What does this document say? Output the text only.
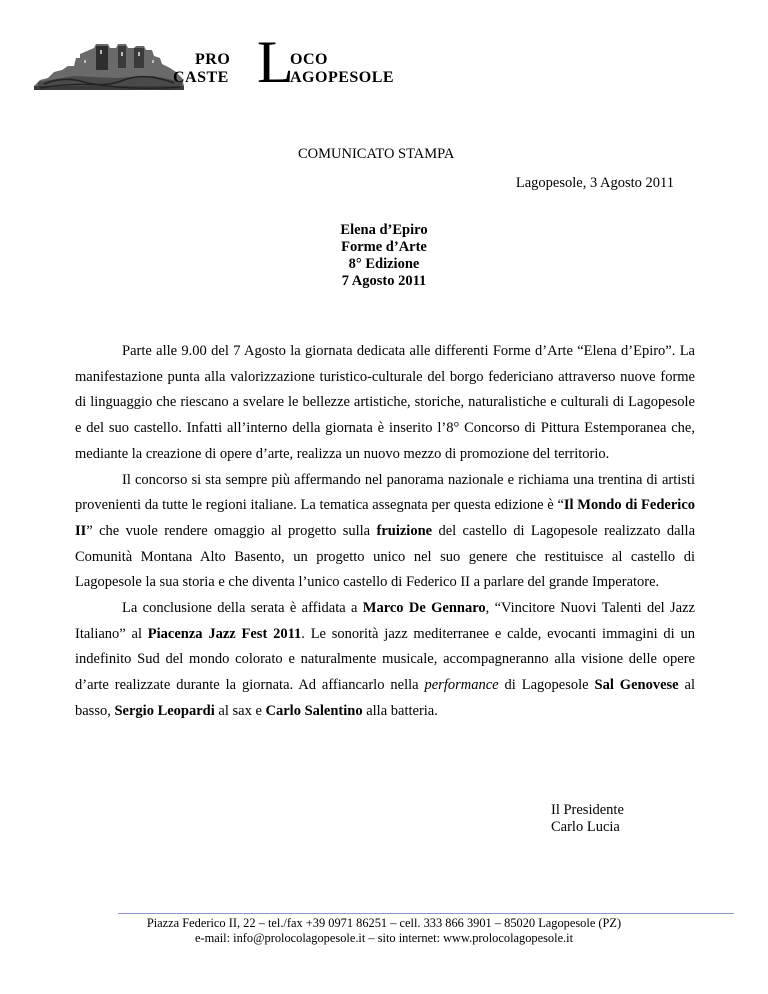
PRO
CASTE L
OCO
AGOPESOLE
COMUNICATO STAMPA
Lagopesole, 3 Agosto 2011
Elena d’Epiro
Forme d’Arte
8° Edizione
7 Agosto 2011

Parte alle 9.00 del 7 Agosto la giornata dedicata alle differenti Forme d’Arte “Elena d’Epiro”. La manifestazione punta alla valorizzazione turistico-culturale del borgo federiciano attraverso nuove forme di linguaggio che riescano a svelare le bellezze artistiche, storiche, naturalistiche e culturali di Lagopesole e del suo castello. Infatti all’interno della giornata è inserito l’8° Concorso di Pittura Estemporanea che, mediante la creazione di opere d’arte, realizza un nuovo mezzo di promozione del territorio.

Il concorso si sta sempre più affermando nel panorama nazionale e richiama una trentina di artisti provenienti da tutte le regioni italiane. La tematica assegnata per questa edizione è “Il Mondo di Federico II” che vuole rendere omaggio al progetto sulla fruizione del castello di Lagopesole realizzato dalla Comunità Montana Alto Basento, un progetto unico nel suo genere che restituisce al castello di Lagopesole la sua storia e che diventa l’unico castello di Federico II a parlare del grande Imperatore.

La conclusione della serata è affidata a Marco De Gennaro, “Vincitore Nuovi Talenti del Jazz Italiano” al Piacenza Jazz Fest 2011. Le sonorità jazz mediterranee e calde, evocanti immagini di un indefinito Sud del mondo colorato e naturalmente musicale, accompagneranno alla visione delle opere d’arte realizzate durante la giornata. Ad affiancarlo nella performance di Lagopesole Sal Genovese al basso, Sergio Leopardi al sax e Carlo Salentino alla batteria.

Il Presidente
Carlo Lucia
Piazza Federico II, 22 – tel./fax +39 0971 86251 – cell. 333 866 3901 – 85020 Lagopesole (PZ)
e-mail: info@prolocolagopesole.it – sito internet: www.prolocolagopesole.it
